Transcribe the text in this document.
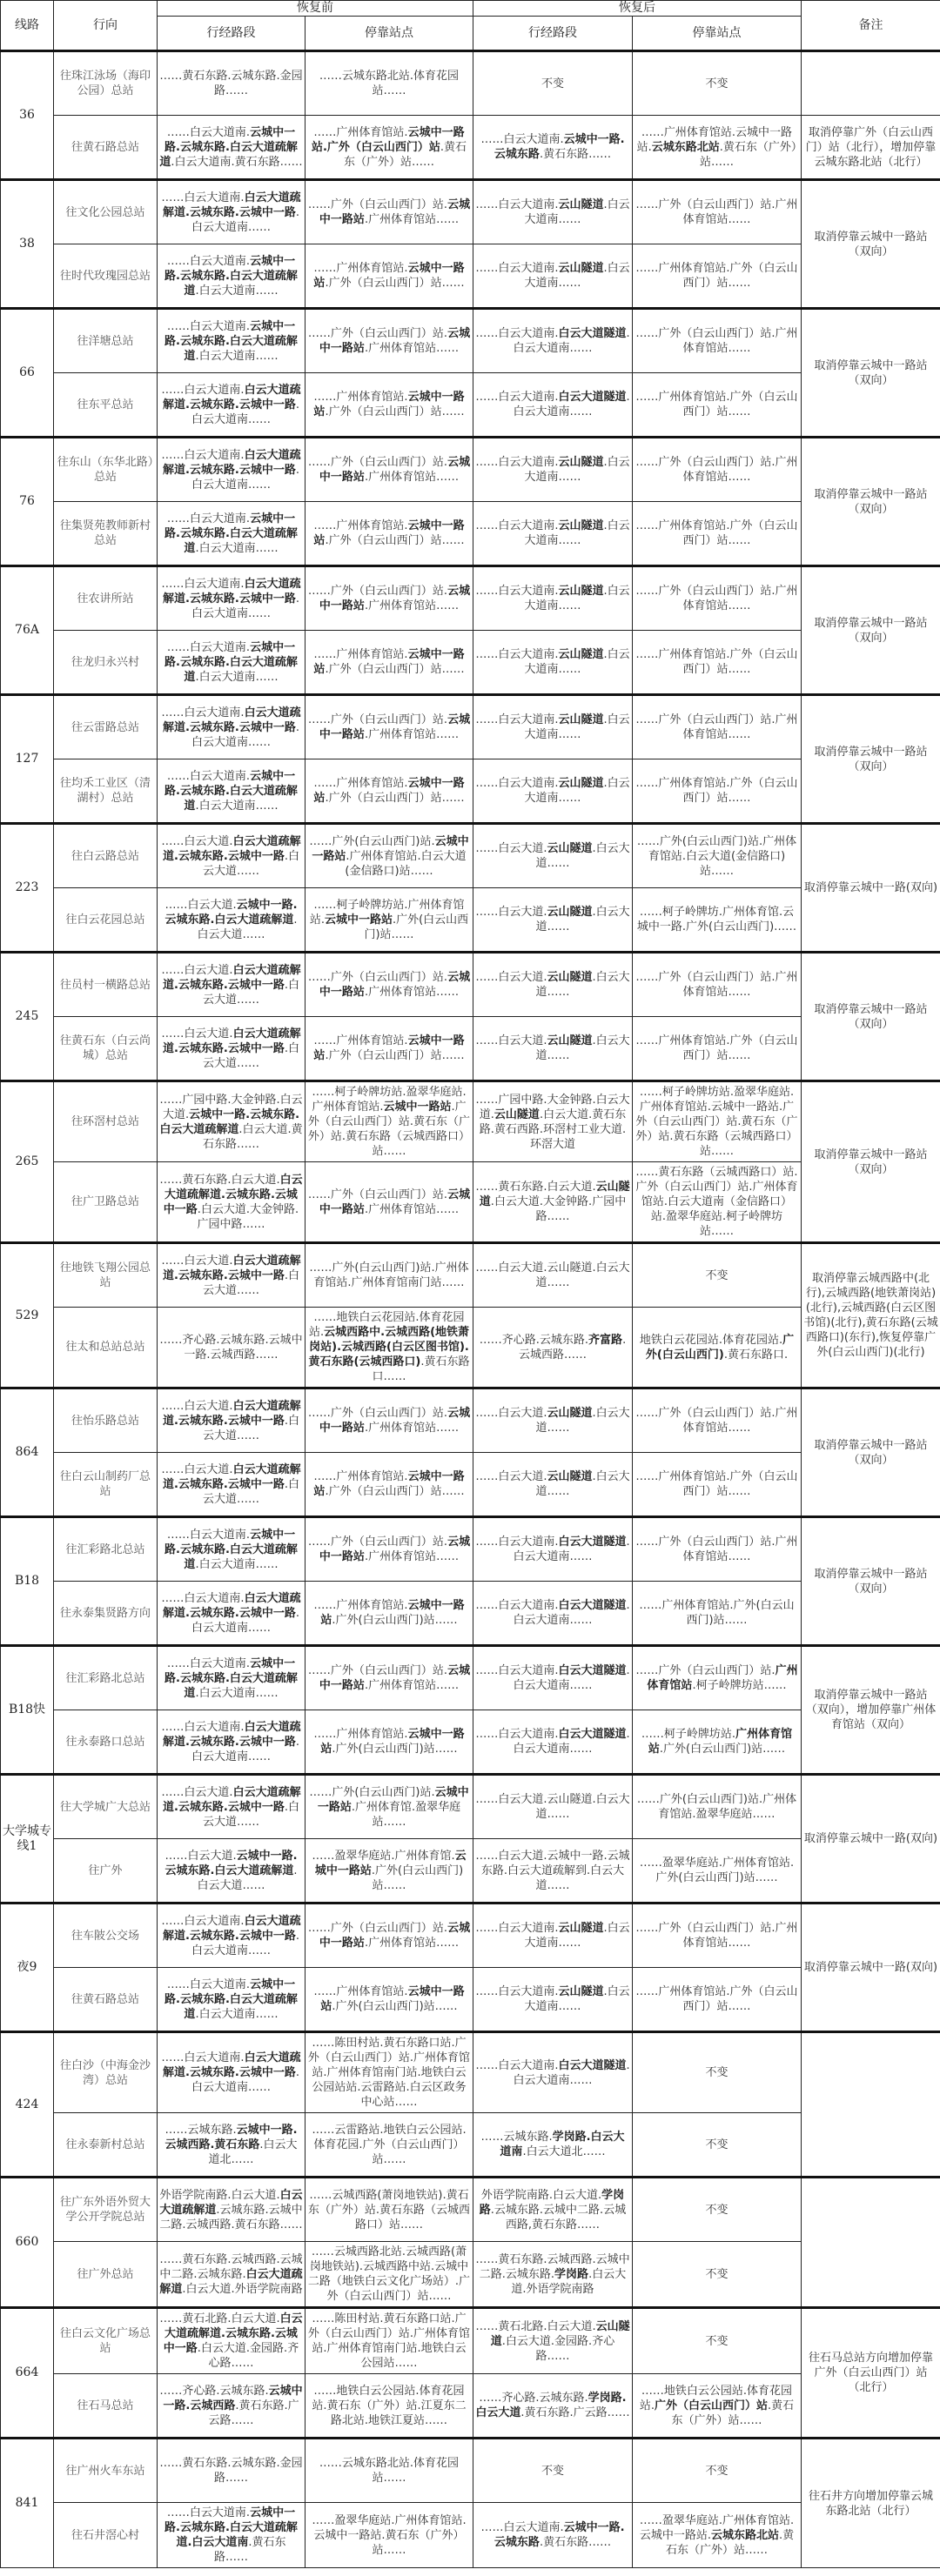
线路	行向	恢复前		恢复后		备注
		行经路段	停靠站点	行经路段	停靠站点	
36	往珠江泳场（海印公园）总站	……黄石东路.云城东路.金园路……	……云城东路北站.体育花园站……	不变	不变	
	往黄石路总站	……白云大道南.云城中一路.云城东路.白云大道疏解道.白云大道南.黄石东路……	……广州体育馆站.云城中一路站.广外（白云山西门）站.黄石东（广外）站……	……白云大道南.云城中一路.云城东路.黄石东路……	……广州体育馆站.云城中一路站.云城东路北站.黄石东（广外）站……	取消停靠广外（白云山西门）站（北行），增加停靠云城东路北站（北行）
38	往文化公园总站	……白云大道南.白云大道疏解道.云城东路.云城中一路.白云大道南……	……广外（白云山西门）站.云城中一路站.广州体育馆站……	……白云大道南.云山隧道.白云大道南……	……广外（白云山西门）站.广州体育馆站……	取消停靠云城中一路站（双向）
	往时代玫瑰园总站	……白云大道南.云城中一路.云城东路.白云大道疏解道.白云大道南……	……广州体育馆站.云城中一路站.广外（白云山西门）站……	……白云大道南.云山隧道.白云大道南……	……广州体育馆站.广外（白云山西门）站……	
66	往洋塘总站	……白云大道南.云城中一路.云城东路.白云大道疏解道.白云大道南……	……广外（白云山西门）站.云城中一路站.广州体育馆站……	……白云大道南.白云大道隧道.白云大道南……	……广外（白云山西门）站.广州体育馆站……	取消停靠云城中一路站（双向）
	往东平总站	……白云大道南.白云大道疏解道.云城东路.云城中一路.白云大道南……	……广州体育馆站.云城中一路站.广外（白云山西门）站……	……白云大道南.白云大道隧道.白云大道南……	……广州体育馆站.广外（白云山西门）站……	
76	往东山（东华北路）总站	……白云大道南.白云大道疏解道.云城东路.云城中一路.白云大道南……	……广外（白云山西门）站.云城中一路站.广州体育馆站……	……白云大道南.云山隧道.白云大道南……	……广外（白云山西门）站.广州体育馆站……	取消停靠云城中一路站（双向）
	往集贤苑教师新村总站	……白云大道南.云城中一路.云城东路.白云大道疏解道.白云大道南……	……广州体育馆站.云城中一路站.广外（白云山西门）站……	……白云大道南.云山隧道.白云大道南……	……广州体育馆站.广外（白云山西门）站……	
76A	往农讲所站	……白云大道南.白云大道疏解道.云城东路.云城中一路.白云大道南……	……广外（白云山西门）站.云城中一路站.广州体育馆站……	……白云大道南.云山隧道.白云大道南……	……广外（白云山西门）站.广州体育馆站……	取消停靠云城中一路站（双向）
	往龙归永兴村	……白云大道南.云城中一路.云城东路.白云大道疏解道.白云大道南……	……广州体育馆站.云城中一路站.广外（白云山西门）站……	……白云大道南.云山隧道.白云大道南……	……广州体育馆站.广外（白云山西门）站……	
127	往云雷路总站	……白云大道南.白云大道疏解道.云城东路.云城中一路.白云大道南……	……广外（白云山西门）站.云城中一路站.广州体育馆站……	……白云大道南.云山隧道.白云大道南……	……广外（白云山西门）站.广州体育馆站……	取消停靠云城中一路站（双向）
	往均禾工业区（清湖村）总站	……白云大道南.云城中一路.云城东路.白云大道疏解道.白云大道南……	……广州体育馆站.云城中一路站.广外（白云山西门）站……	……白云大道南.云山隧道.白云大道南……	……广州体育馆站.广外（白云山西门）站……	
223	往白云路总站	……白云大道.白云大道疏解道.云城东路.云城中一路.白云大道……	……广外(白云山西门)站.云城中一路站.广州体育馆站.白云大道(金信路口)站……	……白云大道.云山隧道.白云大道……	……广外(白云山西门)站.广州体育馆站.白云大道(金信路口)站……	取消停靠云城中一路(双向)
	往白云花园总站	……白云大道.云城中一路.云城东路.白云大道疏解道.白云大道……	……柯子岭牌坊站.广州体育馆站.云城中一路站.广外(白云山西门)站……	……白云大道.云山隧道.白云大道……	……柯子岭牌坊.广州体育馆.云城中一路.广外(白云山西门)……	
245	往员村一横路总站	……白云大道.白云大道疏解道.云城东路.云城中一路.白云大道……	……广外（白云山西门）站.云城中一路站.广州体育馆站……	……白云大道.云山隧道.白云大道……	……广外（白云山西门）站.广州体育馆站……	取消停靠云城中一路站（双向）
	往黄石东（白云尚城）总站	……白云大道.白云大道疏解道.云城东路.云城中一路.白云大道……	……广州体育馆站.云城中一路站.广外（白云山西门）站……	……白云大道.云山隧道.白云大道……	……广州体育馆站.广外（白云山西门）站……	
265	往环滘村总站	……广园中路.大金钟路.白云大道.云城中一路.云城东路.白云大道疏解道.白云大道.黄石东路……	……柯子岭牌坊站.盈翠华庭站.广州体育馆站.云城中一路站.广外（白云山西门）站.黄石东（广外）站.黄石东路（云城西路口）站……	……广园中路.大金钟路.白云大道.云山隧道.白云大道.黄石东路.黄石西路.环滘村工业大道.环滘大道	……柯子岭牌坊站.盈翠华庭站.广州体育馆站.云城中一路站.广外（白云山西门）站.黄石东（广外）站.黄石东路（云城西路口）站……	取消停靠云城中一路站（双向）
	往广卫路总站	……黄石东路.白云大道.白云大道疏解道.云城东路.云城中一路.白云大道.大金钟路.广园中路……	……广外（白云山西门）站.云城中一路站.广州体育馆站……	……黄石东路.白云大道.云山隧道.白云大道.大金钟路.广园中路……	……黄石东路（云城西路口）站.广外（白云山西门）站.广州体育馆站.白云大道南（金信路口）站.盈翠华庭站.柯子岭牌坊站……	
529	往地铁飞翔公园总站	……白云大道.白云大道疏解道.云城东路.云城中一路.白云大道……	……广外(白云山西门)站.广州体育馆站.广州体育馆南门站……	……白云大道.云山隧道.白云大道……	不变	取消停靠云城西路中(北行),云城西路(地铁萧岗站)(北行),云城西路(白云区图书馆)(北行),黄石东路(云城西路口)(东行),恢复停靠广外(白云山西门)(北行)
	往太和总站总站	……齐心路.云城东路.云城中一路.云城西路……	……地铁白云花园站.体育花园站.云城西路中.云城西路(地铁萧岗站).云城西路(白云区图书馆).黄石东路(云城西路口).黄石东路口……	……齐心路.云城东路.齐富路.云城西路……	地铁白云花园站.体育花园站.广外(白云山西门).黄石东路口.	
864	往怡乐路总站	……白云大道.白云大道疏解道.云城东路.云城中一路.白云大道……	……广外（白云山西门）站.云城中一路站.广州体育馆站……	……白云大道.云山隧道.白云大道……	……广外（白云山西门）站.广州体育馆站……	取消停靠云城中一路站（双向）
	往白云山制药厂总站	……白云大道.白云大道疏解道.云城东路.云城中一路.白云大道……	……广州体育馆站.云城中一路站.广外（白云山西门）站……	……白云大道.云山隧道.白云大道……	……广州体育馆站.广外（白云山西门）站……	
B18	往汇彩路北总站	……白云大道南.云城中一路.云城东路.白云大道疏解道.白云大道南……	……广外（白云山西门）站.云城中一路站.广州体育馆站……	……白云大道南.白云大道隧道.白云大道南……	……广外（白云山西门）站.广州体育馆站……	取消停靠云城中一路站（双向）
	往永泰集贤路方向	……白云大道南.白云大道疏解道.云城东路.云城中一路.白云大道南……	……广州体育馆站.云城中一路站.广外(白云山西门)站……	……白云大道南.白云大道隧道.白云大道南……	……广州体育馆站.广外(白云山西门)站……	
B18快	往汇彩路北总站	……白云大道南.云城中一路.云城东路.白云大道疏解道.白云大道南……	……广外（白云山西门）站.云城中一路站.广州体育馆站……	……白云大道南.白云大道隧道.白云大道南……	……广外（白云山西门）站.广州体育馆站.柯子岭牌坊站……	取消停靠云城中一路站（双向），增加停靠广州体育馆站（双向）
	往永泰路口总站	……白云大道南.白云大道疏解道.云城东路.云城中一路.白云大道南……	……广州体育馆站.云城中一路站.广外(白云山西门)站……	……白云大道南.白云大道隧道.白云大道南……	……柯子岭牌坊站.广州体育馆站.广外(白云山西门)站……	
大学城专线1	往大学城广大总站	……白云大道.白云大道疏解道.云城东路.云城中一路.白云大道……	……广外(白云山西门)站.云城中一路站.广州体育馆.盈翠华庭站……	……白云大道.云山隧道.白云大道……	……广外(白云山西门)站.广州体育馆站.盈翠华庭站……	取消停靠云城中一路(双向)
	往广外	……白云大道.云城中一路.云城东路.白云大道疏解道.白云大道……	……盈翠华庭站.广州体育馆.云城中一路站.广外(白云山西门)站……	……白云大道.云城中一路.云城东路.白云大道疏解到.白云大道……	……盈翠华庭站.广州体育馆站.广外(白云山西门)站……	
夜9	往车陂公交场	……白云大道南.白云大道疏解道.云城东路.云城中一路.白云大道南……	……广外（白云山西门）站.云城中一路站.广州体育馆站……	……白云大道南.云山隧道.白云大道南……	……广外（白云山西门）站.广州体育馆站……	取消停靠云城中一路(双向)
	往黄石路总站	……白云大道南.云城中一路.云城东路.白云大道疏解道.白云大道南……	……广州体育馆站.云城中一路站.广外(白云山西门)站……	……白云大道南.云山隧道.白云大道南……	……广州体育馆站.广外（白云山西门）站……	
424	往白沙（中海金沙湾）总站	……白云大道南.白云大道疏解道.云城东路.云城中一路.白云大道南……	……陈田村站.黄石东路口站.广外（白云山西门）站.广州体育馆站.广州体育馆南门站.地铁白云公园站站.云雷路站.白云区政务中心站……	……白云大道南.白云大道隧道.白云大道南……	不变	
	往永泰新村总站	……云城东路.云城中一路.云城西路.黄石东路.白云大道北……	……云雷路站.地铁白云公园站.体育花园.广外（白云山西门）站……	……云城东路.学岗路.白云大道南.白云大道北……	不变	
660	往广东外语外贸大学公开学院总站	外语学院南路.白云大道.白云大道疏解道.云城东路.云城中二路.云城西路.黄石东路……	……云城西路(萧岗地铁站).黄石东（广外）站.黄石东路（云城西路口）站……	外语学院南路.白云大道.学岗路.云城东路.云城中二路.云城西路,黄石东路……	不变	
	往广外总站	……黄石东路.云城西路.云城中二路.云城东路.白云大道疏解道.白云大道.外语学院南路	……云城西路北站.云城西路(萧岗地铁站).云城西路中站.云城中二路（地铁白云文化广场站）.广外（白云山西门）站……	……黄石东路.云城西路.云城中二路.云城东路.学岗路.白云大道.外语学院南路	不变	
664	往白云文化广场总站	……黄石北路.白云大道.白云大道疏解道.云城东路.云城中一路.白云大道.金园路.齐心路……	……陈田村站.黄石东路口站.广外（白云山西门）站.广州体育馆站.广州体育馆南门站.地铁白云公园站……	……黄石北路.白云大道.云山隧道.白云大道.金园路.齐心路……	不变	往石马总站方向增加停靠广外（白云山西门）站（北行）
	往石马总站	……齐心路.云城东路.云城中一路.云城西路.黄石东路.广云路……	……地铁白云公园站.体育花园站.黄石东（广外）站.江夏东二路北站.地铁江夏站……	……齐心路.云城东路.学岗路.白云大道.黄石东路.广云路……	……地铁白云公园站.体育花园站.广外（白云山西门）站.黄石东（广外）站……	
841	往广州火车东站	……黄石东路.云城东路.金园路……	……云城东路北站.体育花园站……	不变	不变	往石井方向增加停靠云城东路北站（北行）
	往石井滘心村	……白云大道南.云城中一路.云城东路.白云大道疏解道.白云大道南.黄石东路……	……盈翠华庭站.广州体育馆站.云城中一路站.黄石东（广外）站……	……白云大道南.云城中一路.云城东路.黄石东路……	……盈翠华庭站.广州体育馆站.云城中一路站.云城东路北站.黄石东（广外）站……	
